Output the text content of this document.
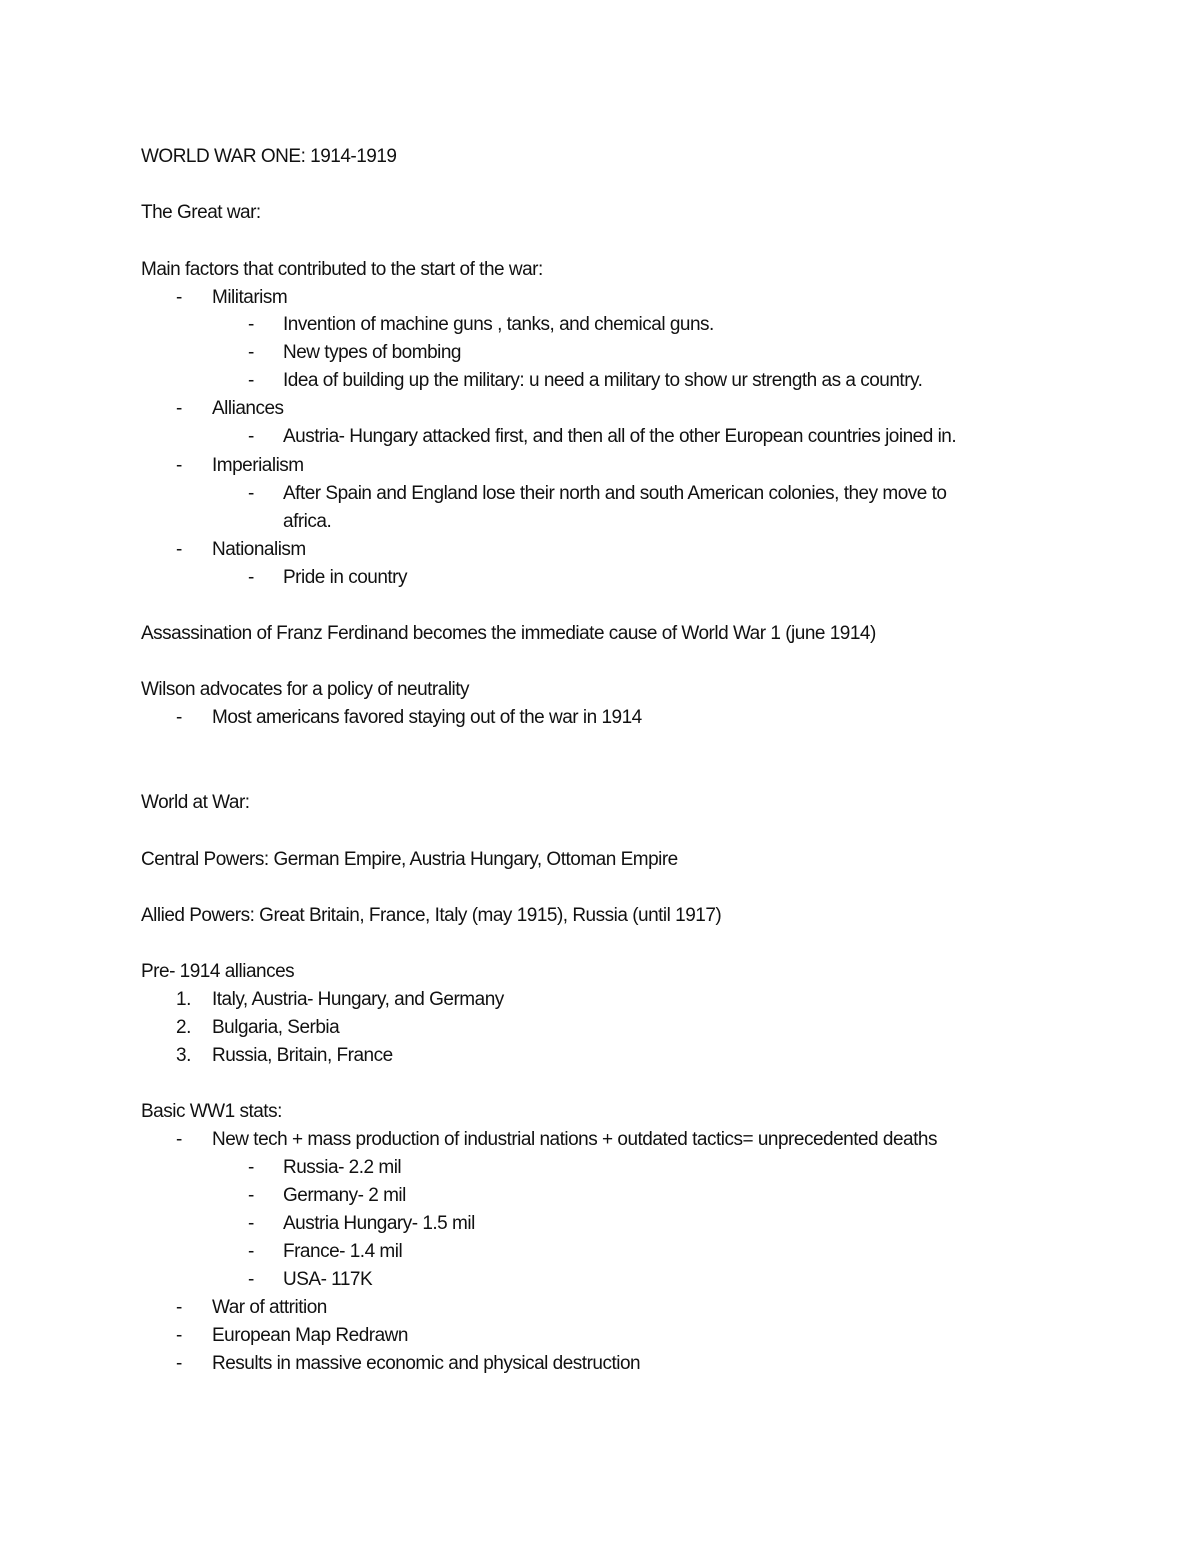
WORLD WAR ONE: 1914-1919
The Great war:
Main factors that contributed to the start of the war:
- Militarism
- Invention of machine guns , tanks, and chemical guns.
- New types of bombing
- Idea of building up the military: u need a military to show ur strength as a country.
- Alliances
- Austria- Hungary attacked first, and then all of the other European countries joined in.
- Imperialism
- After Spain and England lose their north and south American colonies, they move to
africa.
- Nationalism
- Pride in country
Assassination of Franz Ferdinand becomes the immediate cause of World War 1 (june 1914)
Wilson advocates for a policy of neutrality
- Most americans favored staying out of the war in 1914
World at War:
Central Powers: German Empire, Austria Hungary, Ottoman Empire
Allied Powers: Great Britain, France, Italy (may 1915), Russia (until 1917)
Pre- 1914 alliances
1. Italy, Austria- Hungary, and Germany
2. Bulgaria, Serbia
3. Russia, Britain, France
Basic WW1 stats:
- New tech + mass production of industrial nations + outdated tactics= unprecedented deaths
- Russia- 2.2 mil
- Germany- 2 mil
- Austria Hungary- 1.5 mil
- France- 1.4 mil
- USA- 117K
- War of attrition
- European Map Redrawn
- Results in massive economic and physical destruction
